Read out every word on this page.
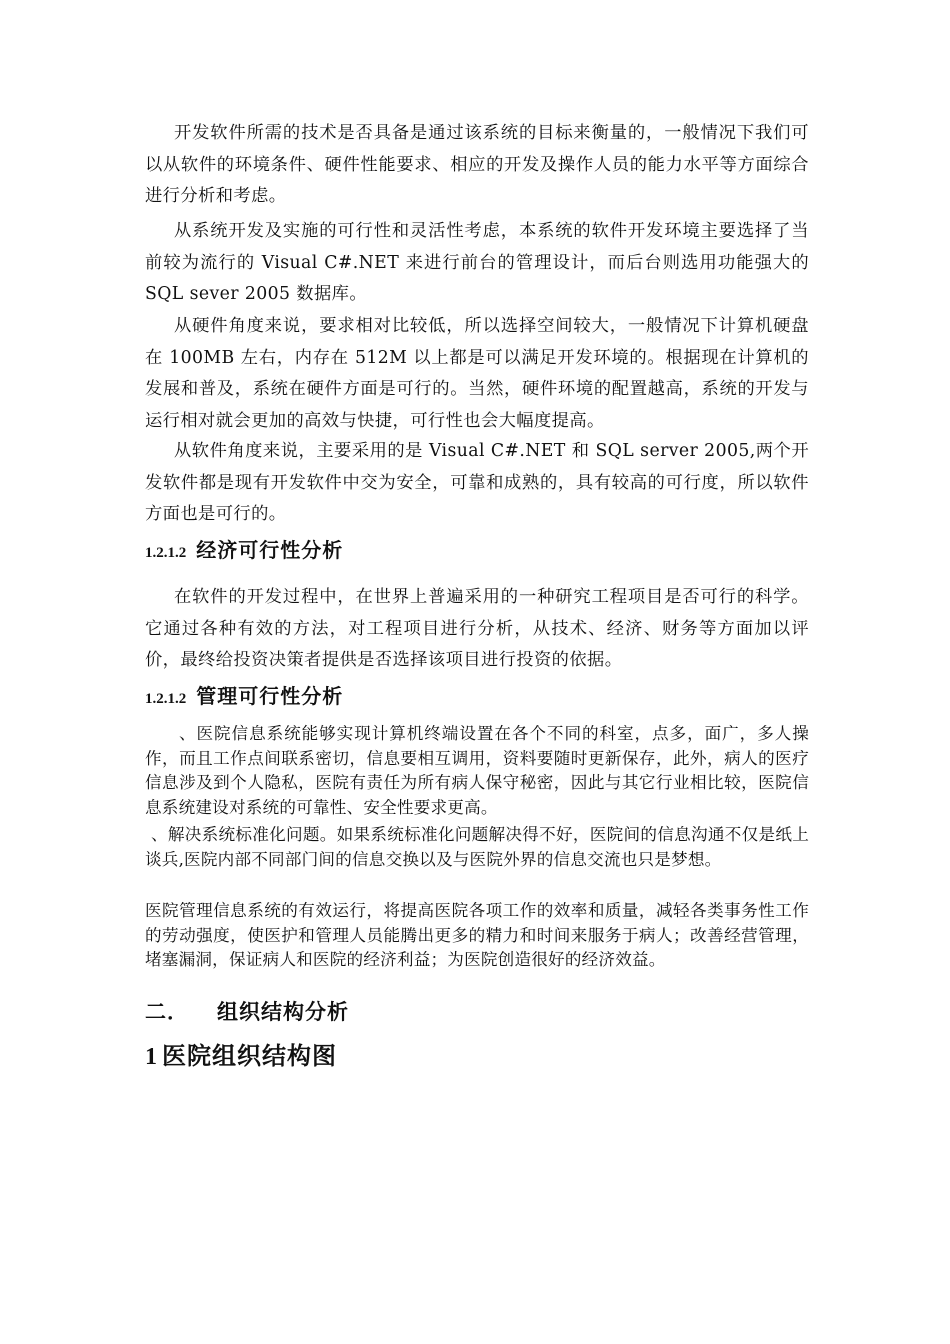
开发软件所需的技术是否具备是通过该系统的目标来衡量的，一般情况下我们可以从软件的环境条件、硬件性能要求、相应的开发及操作人员的能力水平等方面综合进行分析和考虑。

从系统开发及实施的可行性和灵活性考虑，本系统的软件开发环境主要选择了当前较为流行的 Visual C#.NET 来进行前台的管理设计，而后台则选用功能强大的 SQL sever 2005 数据库。

从硬件角度来说，要求相对比较低，所以选择空间较大，一般情况下计算机硬盘在 100MB 左右，内存在 512M 以上都是可以满足开发环境的。根据现在计算机的发展和普及，系统在硬件方面是可行的。当然，硬件环境的配置越高，系统的开发与运行相对就会更加的高效与快捷，可行性也会大幅度提高。

从软件角度来说，主要采用的是 Visual C#.NET 和 SQL server 2005,两个开发软件都是现有开发软件中交为安全，可靠和成熟的，具有较高的可行度，所以软件方面也是可行的。

1.2.1.2 经济可行性分析

在软件的开发过程中，在世界上普遍采用的一种研究工程项目是否可行的科学。它通过各种有效的方法，对工程项目进行分析，从技术、经济、财务等方面加以评价，最终给投资决策者提供是否选择该项目进行投资的依据。

1.2.1.2 管理可行性分析

、医院信息系统能够实现计算机终端设置在各个不同的科室，点多，面广，多人操作，而且工作点间联系密切，信息要相互调用，资料要随时更新保存，此外，病人的医疗信息涉及到个人隐私，医院有责任为所有病人保守秘密，因此与其它行业相比较，医院信息系统建设对系统的可靠性、安全性要求更高。

、解决系统标准化问题。如果系统标准化问题解决得不好，医院间的信息沟通不仅是纸上谈兵,医院内部不同部门间的信息交换以及与医院外界的信息交流也只是梦想。

医院管理信息系统的有效运行，将提高医院各项工作的效率和质量，减轻各类事务性工作的劳动强度，使医护和管理人员能腾出更多的精力和时间来服务于病人；改善经营管理，堵塞漏洞，保证病人和医院的经济利益；为医院创造很好的经济效益。

二． 组织结构分析
1 医院组织结构图
